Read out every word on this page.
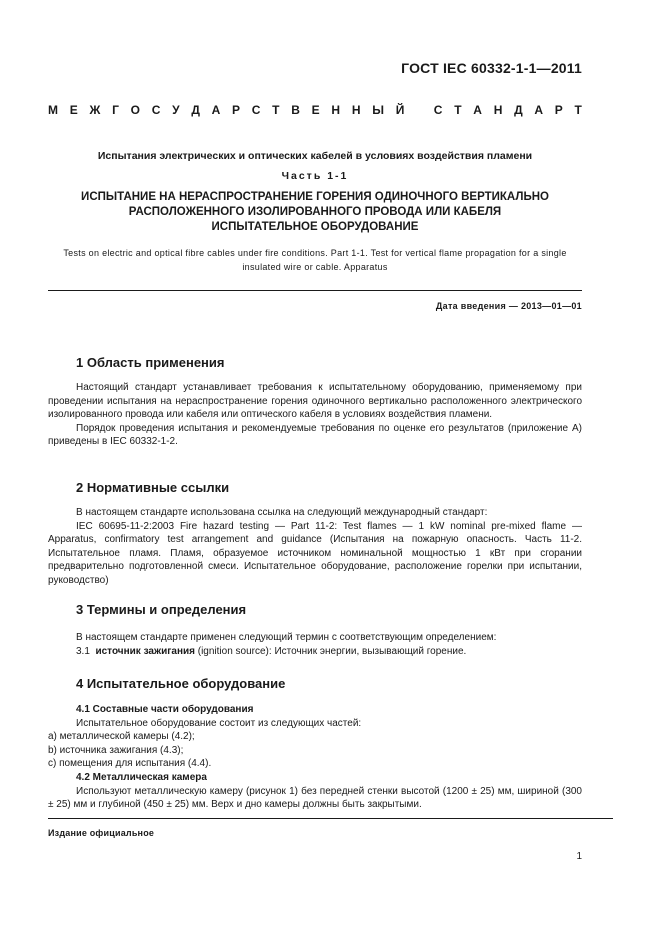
ГОСТ IEC 60332-1-1—2011
М Е Ж Г О С У Д А Р С Т В Е Н Н Ы Й С Т А Н Д А Р Т
Испытания электрических и оптических кабелей в условиях воздействия пламени
Часть 1-1
ИСПЫТАНИЕ НА НЕРАСПРОСТРАНЕНИЕ ГОРЕНИЯ ОДИНОЧНОГО ВЕРТИКАЛЬНО
РАСПОЛОЖЕННОГО ИЗОЛИРОВАННОГО ПРОВОДА ИЛИ КАБЕЛЯ
ИСПЫТАТЕЛЬНОЕ ОБОРУДОВАНИЕ
Tests on electric and optical fibre cables under fire conditions. Part 1-1. Test for vertical flame propagation for a single
insulated wire or cable. Apparatus
Дата введения — 2013—01—01
1 Область применения

Настоящий стандарт устанавливает требования к испытательному оборудованию, применяемому при проведении испытания на нераспространение горения одиночного вертикально расположенного электрического изолированного провода или кабеля или оптического кабеля в условиях воздействия пламени.

Порядок проведения испытания и рекомендуемые требования по оценке его результатов (приложение А) приведены в IEC 60332-1-2.

2 Нормативные ссылки

В настоящем стандарте использована ссылка на следующий международный стандарт:

IEC 60695-11-2:2003 Fire hazard testing — Part 11-2: Test flames — 1 kW nominal pre-mixed flame — Apparatus, confirmatory test arrangement and guidance (Испытания на пожарную опасность. Часть 11-2. Испытательное пламя. Пламя, образуемое источником номинальной мощностью 1 кВт при сгорании предварительно подготовленной смеси. Испытательное оборудование, расположение горелки при испытании, руководство)

3 Термины и определения

В настоящем стандарте применен следующий термин с соответствующим определением:

3.1 источник зажигания (ignition source): Источник энергии, вызывающий горение.

4 Испытательное оборудование

4.1 Составные части оборудования

Испытательное оборудование состоит из следующих частей:

a) металлической камеры (4.2);

b) источника зажигания (4.3);

c) помещения для испытания (4.4).

4.2 Металлическая камера

Используют металлическую камеру (рисунок 1) без передней стенки высотой (1200 ± 25) мм, шириной (300 ± 25) мм и глубиной (450 ± 25) мм. Верх и дно камеры должны быть закрытыми.

Издание официальное
1
